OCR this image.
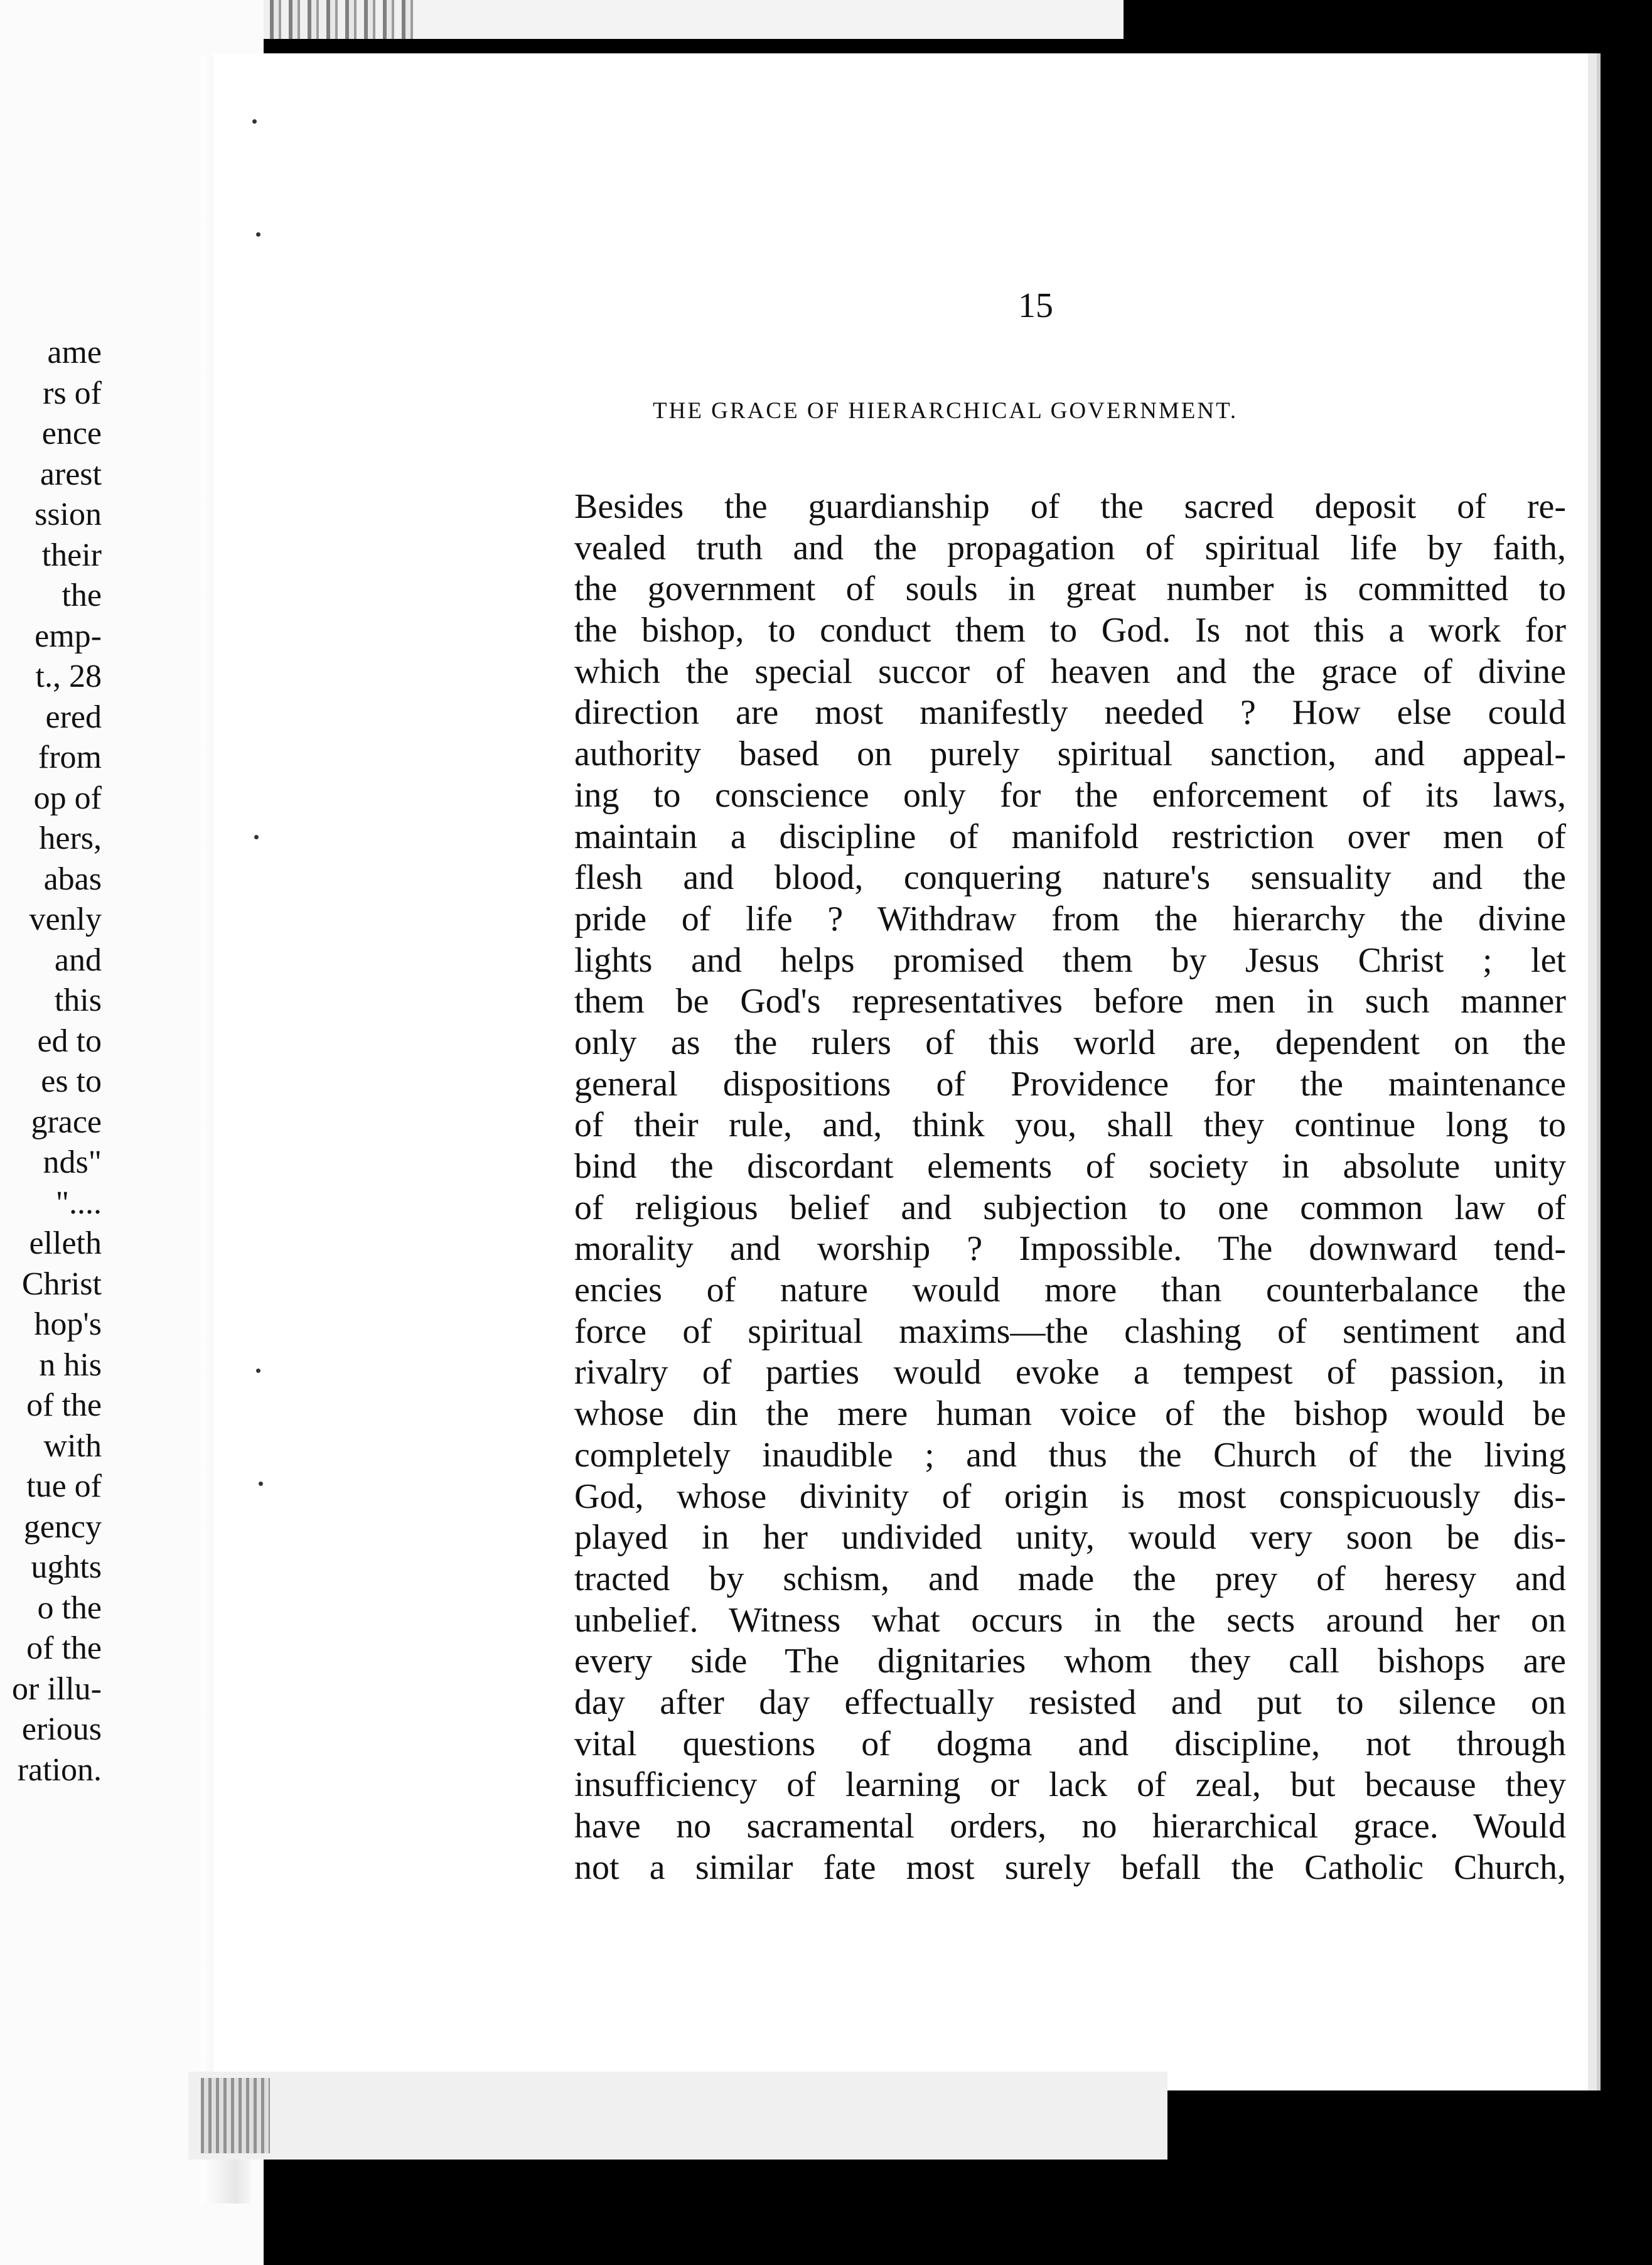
ame
rs of
ence
arest
ssion
their
the
emp-
t., 28
ered
from
op of
hers,
abas
venly
and
this
ed to
es to
grace
nds"
"....
elleth
Christ
hop's
n his
of the
with
tue of
gency
ughts
o the
of the
or illu-
erious
ration.
15
THE GRACE OF HIERARCHICAL GOVERNMENT.
Besides the guardianship of the sacred deposit of re-
vealed truth and the propagation of spiritual life by faith,
the government of souls in great number is committed to
the bishop, to conduct them to God. Is not this a work for
which the special succor of heaven and the grace of divine
direction are most manifestly needed ? How else could
authority based on purely spiritual sanction, and appeal-
ing to conscience only for the enforcement of its laws,
maintain a discipline of manifold restriction over men of
flesh and blood, conquering nature's sensuality and the
pride of life ? Withdraw from the hierarchy the divine
lights and helps promised them by Jesus Christ ; let
them be God's representatives before men in such manner
only as the rulers of this world are, dependent on the
general dispositions of Providence for the maintenance
of their rule, and, think you, shall they continue long to
bind the discordant elements of society in absolute unity
of religious belief and subjection to one common law of
morality and worship ? Impossible. The downward tend-
encies of nature would more than counterbalance the
force of spiritual maxims—the clashing of sentiment and
rivalry of parties would evoke a tempest of passion, in
whose din the mere human voice of the bishop would be
completely inaudible ; and thus the Church of the living
God, whose divinity of origin is most conspicuously dis-
played in her undivided unity, would very soon be dis-
tracted by schism, and made the prey of heresy and
unbelief. Witness what occurs in the sects around her on
every side The dignitaries whom they call bishops are
day after day effectually resisted and put to silence on
vital questions of dogma and discipline, not through
insufficiency of learning or lack of zeal, but because they
have no sacramental orders, no hierarchical grace. Would
not a similar fate most surely befall the Catholic Church,
